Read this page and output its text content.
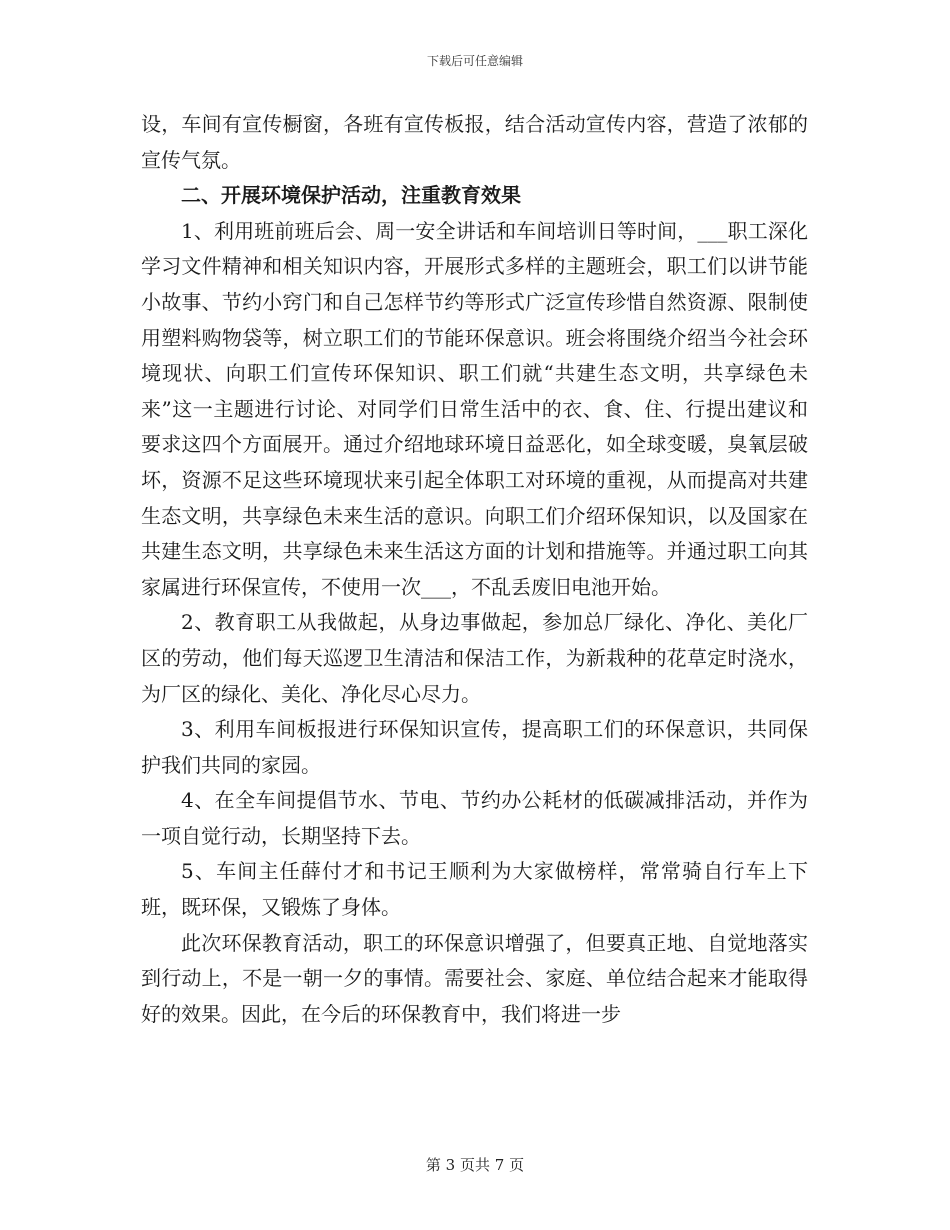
下载后可任意编辑

设，车间有宣传橱窗，各班有宣传板报，结合活动宣传内容，营造了浓郁的宣传气氛。

二、开展环境保护活动，注重教育效果

1、利用班前班后会、周一安全讲话和车间培训日等时间，___职工深化学习文件精神和相关知识内容，开展形式多样的主题班会，职工们以讲节能小故事、节约小窍门和自己怎样节约等形式广泛宣传珍惜自然资源、限制使用塑料购物袋等，树立职工们的节能环保意识。班会将围绕介绍当今社会环境现状、向职工们宣传环保知识、职工们就“共建生态文明，共享绿色未来”这一主题进行讨论、对同学们日常生活中的衣、食、住、行提出建议和要求这四个方面展开。通过介绍地球环境日益恶化，如全球变暖，臭氧层破坏，资源不足这些环境现状来引起全体职工对环境的重视，从而提高对共建生态文明，共享绿色未来生活的意识。向职工们介绍环保知识，以及国家在共建生态文明，共享绿色未来生活这方面的计划和措施等。并通过职工向其家属进行环保宣传，不使用一次___，不乱丢废旧电池开始。

2、教育职工从我做起，从身边事做起，参加总厂绿化、净化、美化厂区的劳动，他们每天巡逻卫生清洁和保洁工作，为新栽种的花草定时浇水，为厂区的绿化、美化、净化尽心尽力。

3、利用车间板报进行环保知识宣传，提高职工们的环保意识，共同保护我们共同的家园。

4、在全车间提倡节水、节电、节约办公耗材的低碳减排活动，并作为一项自觉行动，长期坚持下去。

5、车间主任薛付才和书记王顺利为大家做榜样，常常骑自行车上下班，既环保，又锻炼了身体。

此次环保教育活动，职工的环保意识增强了，但要真正地、自觉地落实到行动上，不是一朝一夕的事情。需要社会、家庭、单位结合起来才能取得好的效果。因此，在今后的环保教育中，我们将进一步

第 3 页共 7 页
